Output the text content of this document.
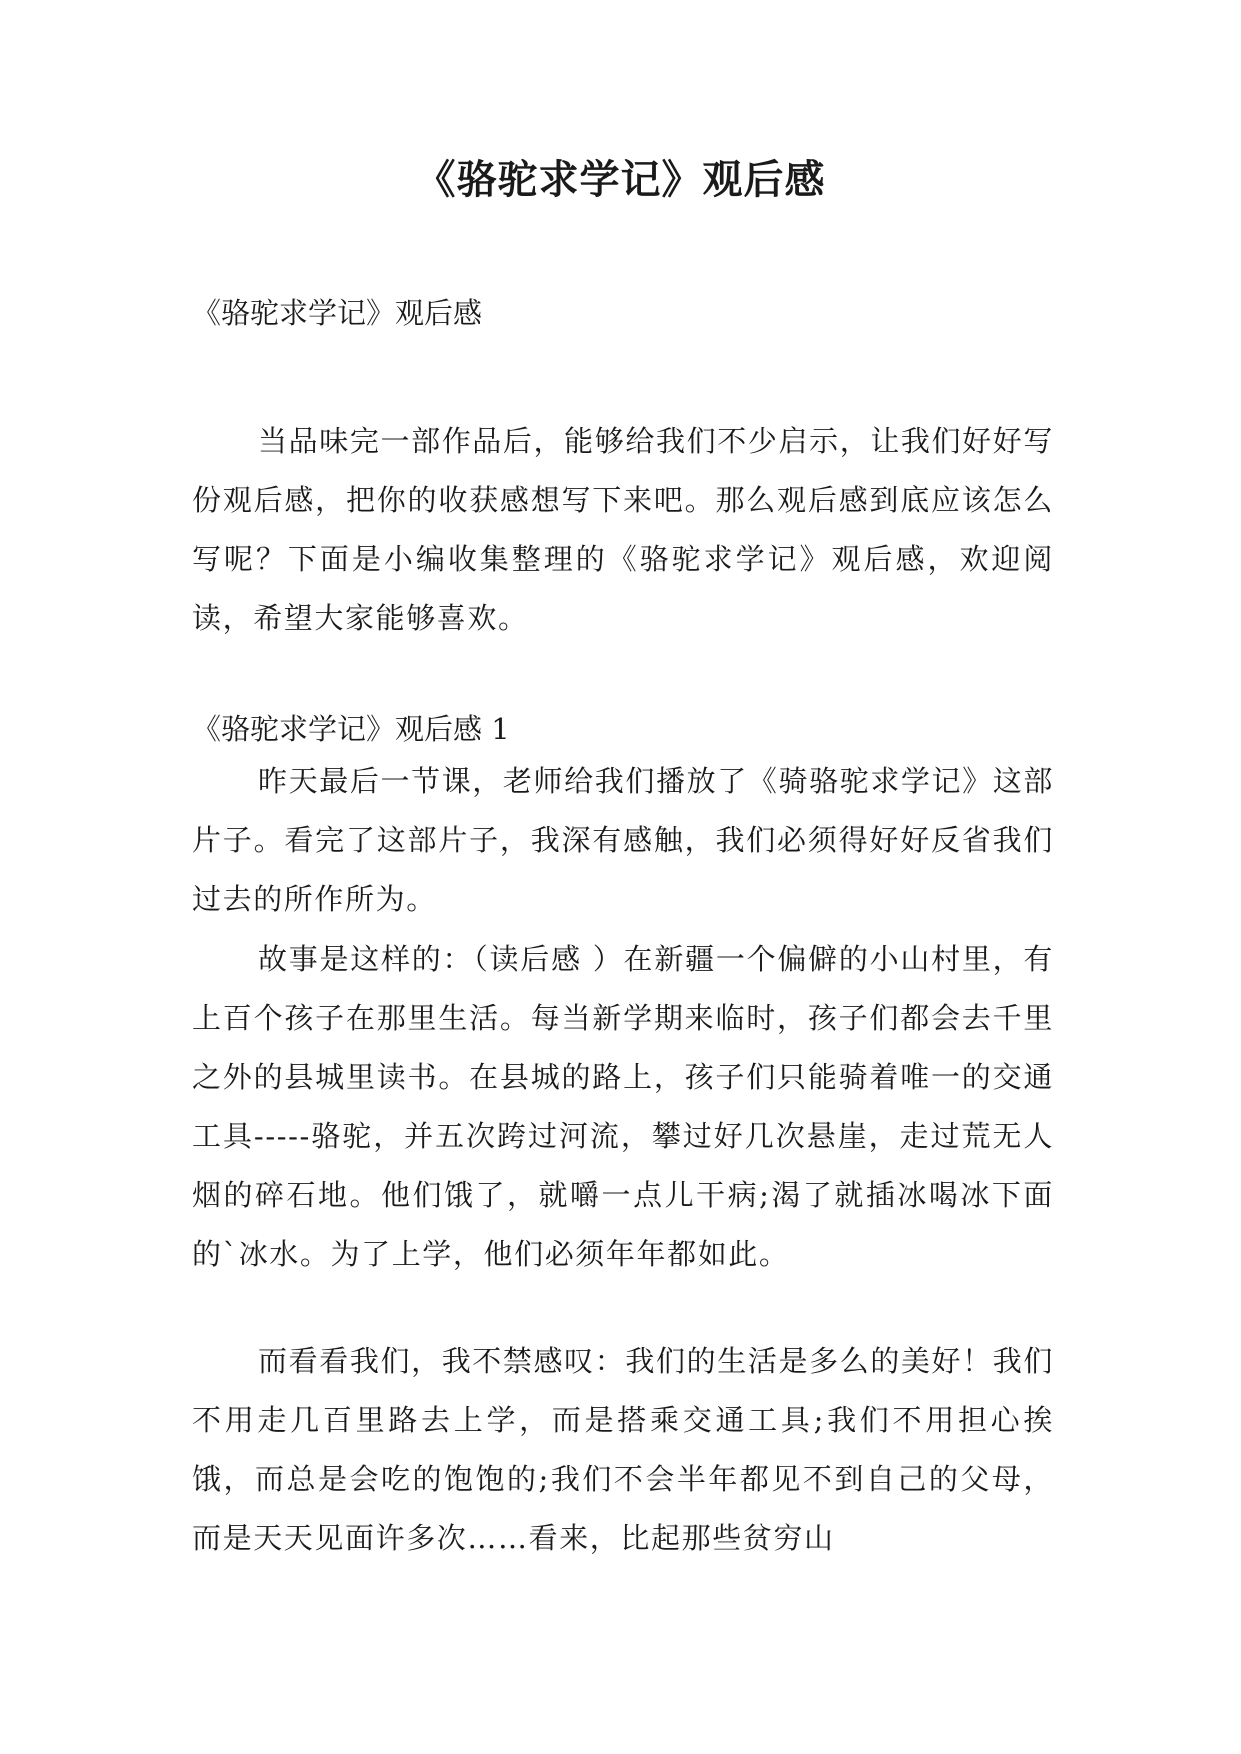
《骆驼求学记》观后感

《骆驼求学记》观后感

当品味完一部作品后，能够给我们不少启示，让我们好好写份观后感，把你的收获感想写下来吧。那么观后感到底应该怎么写呢？下面是小编收集整理的《骆驼求学记》观后感，欢迎阅读，希望大家能够喜欢。

《骆驼求学记》观后感 1

昨天最后一节课，老师给我们播放了《骑骆驼求学记》这部片子。看完了这部片子，我深有感触，我们必须得好好反省我们过去的所作所为。

故事是这样的：（读后感 ）在新疆一个偏僻的小山村里，有上百个孩子在那里生活。每当新学期来临时，孩子们都会去千里之外的县城里读书。在县城的路上，孩子们只能骑着唯一的交通工具-----骆驼，并五次跨过河流，攀过好几次悬崖，走过荒无人烟的碎石地。他们饿了，就嚼一点儿干病;渴了就插冰喝冰下面的`冰水。为了上学，他们必须年年都如此。

而看看我们，我不禁感叹：我们的生活是多么的美好！我们不用走几百里路去上学，而是搭乘交通工具;我们不用担心挨饿，而总是会吃的饱饱的;我们不会半年都见不到自己的父母，而是天天见面许多次……看来，比起那些贫穷山
